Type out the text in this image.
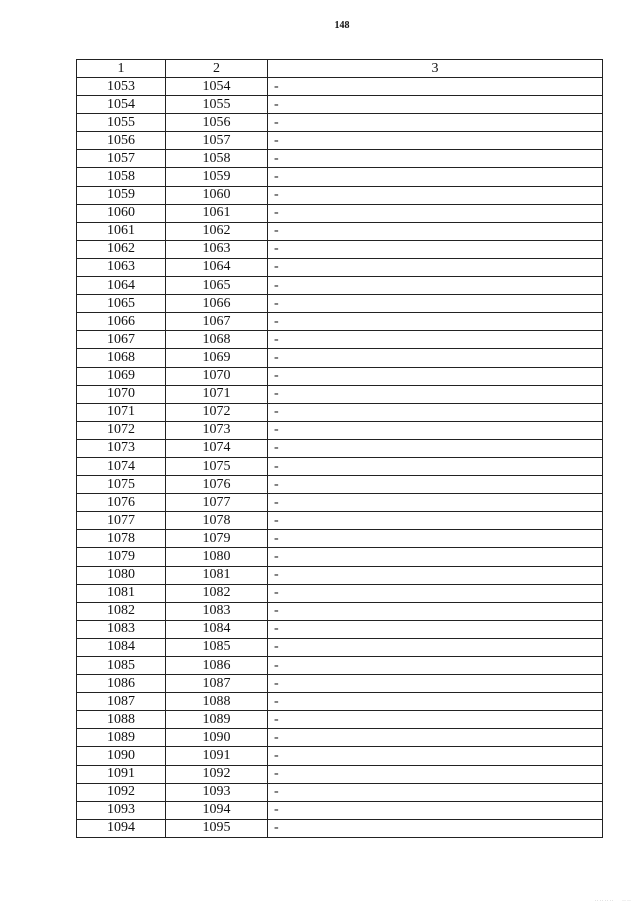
148
1	2	3
1053	1054	-
1054	1055	-
1055	1056	-
1056	1057	-
1057	1058	-
1058	1059	-
1059	1060	-
1060	1061	-
1061	1062	-
1062	1063	-
1063	1064	-
1064	1065	-
1065	1066	-
1066	1067	-
1067	1068	-
1068	1069	-
1069	1070	-
1070	1071	-
1071	1072	-
1072	1073	-
1073	1074	-
1074	1075	-
1075	1076	-
1076	1077	-
1077	1078	-
1078	1079	-
1079	1080	-
1080	1081	-
1081	1082	-
1082	1083	-
1083	1084	-
1084	1085	-
1085	1086	-
1086	1087	-
1087	1088	-
1088	1089	-
1089	1090	-
1090	1091	-
1091	1092	-
1092	1093	-
1093	1094	-
1094	1095	-
‥‥‥‥   ‥‥
